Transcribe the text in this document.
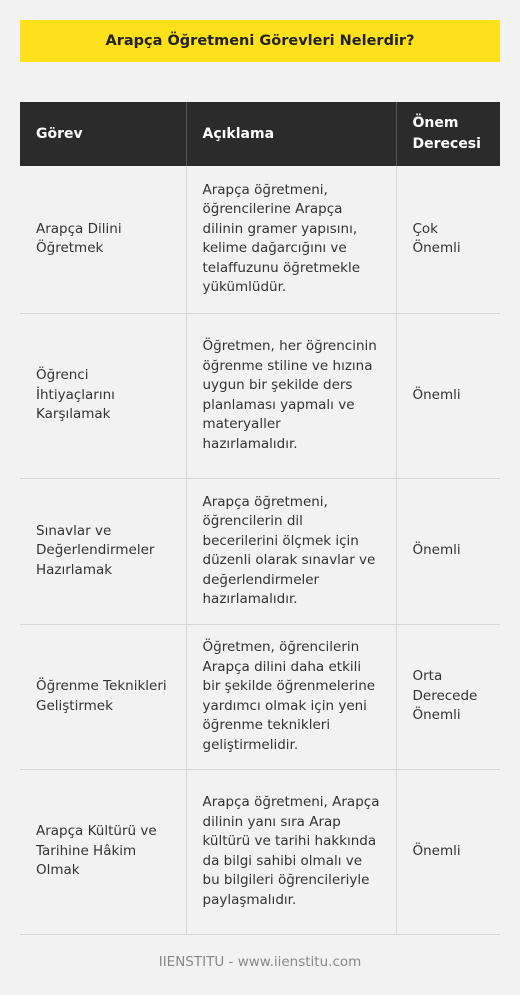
Arapça Öğretmeni Görevleri Nelerdir?
Görev	Açıklama	Önem Derecesi
Arapça Dilini Öğretmek	Arapça öğretmeni, öğrencilerine Arapça dilinin gramer yapısını, kelime dağarcığını ve telaffuzunu öğretmekle yükümlüdür.	Çok Önemli
Öğrenci İhtiyaçlarını Karşılamak	Öğretmen, her öğrencinin öğrenme stiline ve hızına uygun bir şekilde ders planlaması yapmalı ve materyaller hazırlamalıdır.	Önemli
Sınavlar ve Değerlendirmeler Hazırlamak	Arapça öğretmeni, öğrencilerin dil becerilerini ölçmek için düzenli olarak sınavlar ve değerlendirmeler hazırlamalıdır.	Önemli
Öğrenme Teknikleri Geliştirmek	Öğretmen, öğrencilerin Arapça dilini daha etkili bir şekilde öğrenmelerine yardımcı olmak için yeni öğrenme teknikleri geliştirmelidir.	Orta Derecede Önemli
Arapça Kültürü ve Tarihine Hâkim Olmak	Arapça öğretmeni, Arapça dilinin yanı sıra Arap kültürü ve tarihi hakkında da bilgi sahibi olmalı ve bu bilgileri öğrencileriyle paylaşmalıdır.	Önemli
IIENSTITU - www.iienstitu.com
